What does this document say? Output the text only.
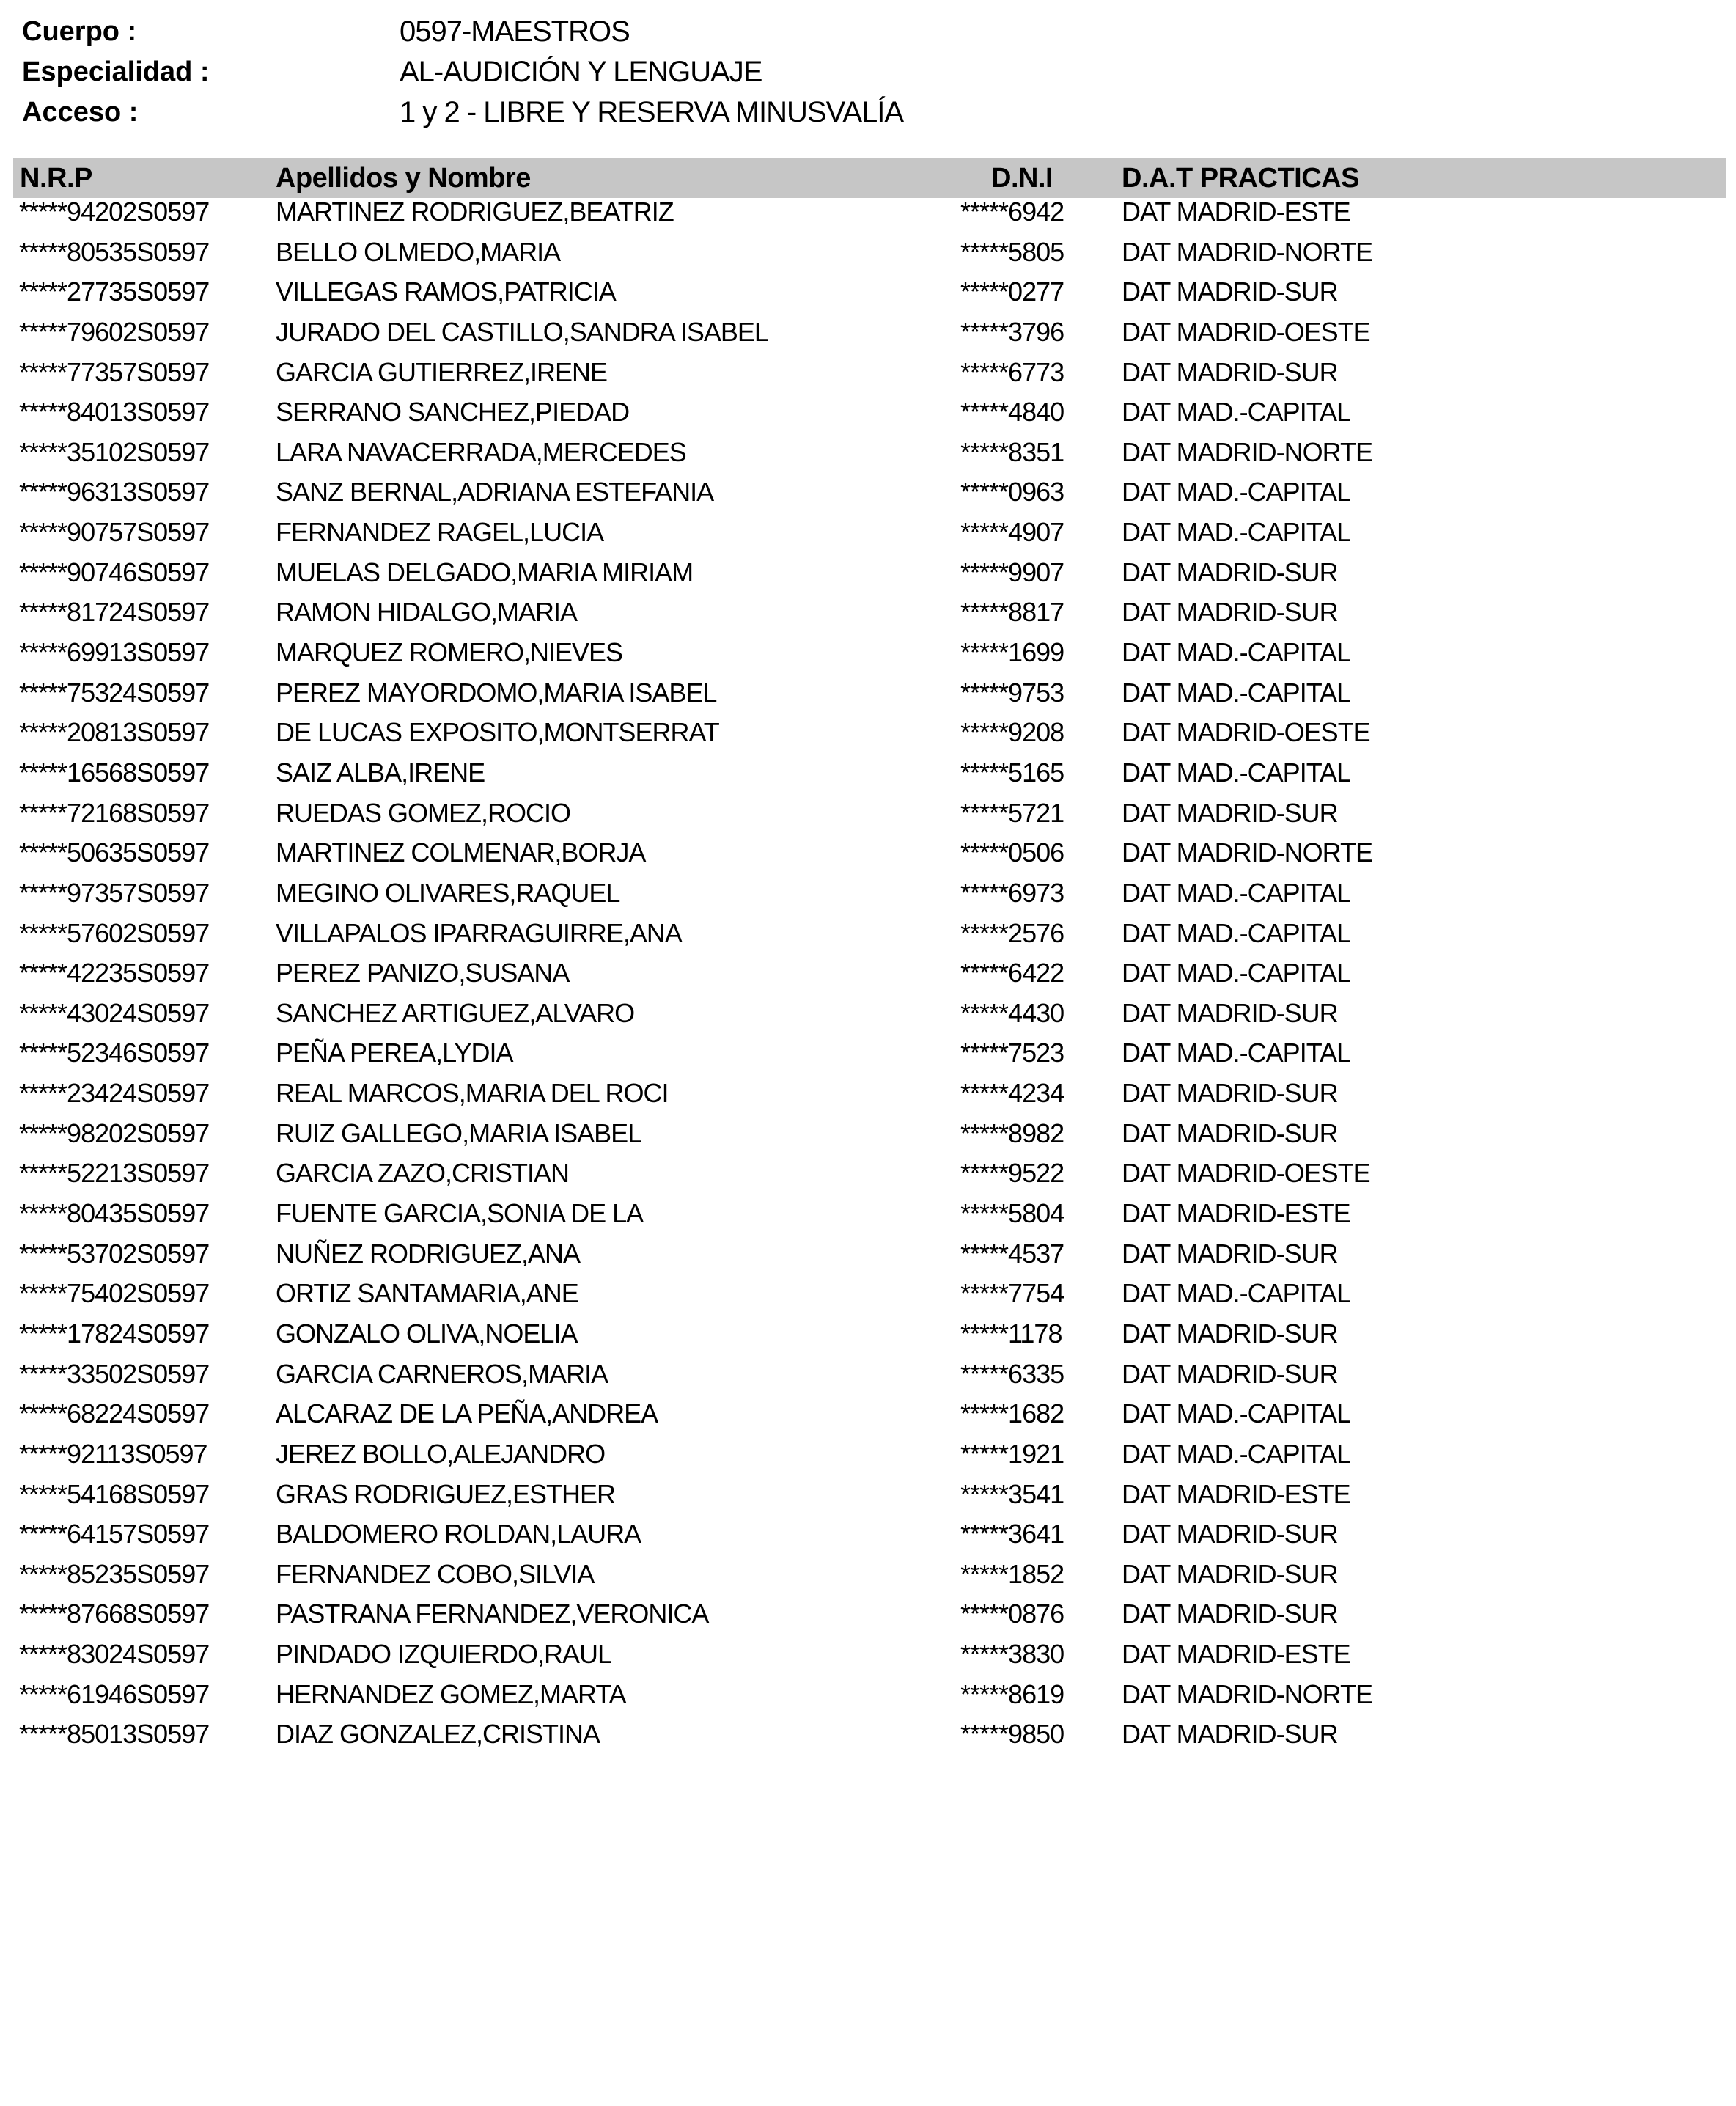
Cuerpo :	0597-MAESTROS
Especialidad :	AL-AUDICIÓN Y LENGUAJE
Acceso :	1 y 2 - LIBRE Y RESERVA MINUSVALÍA
N.R.P	Apellidos y Nombre	D.N.I D.A.T PRACTICAS
*****94202S0597	MARTINEZ RODRIGUEZ,BEATRIZ	*****6942 DAT MADRID-ESTE
*****80535S0597	BELLO OLMEDO,MARIA	*****5805 DAT MADRID-NORTE
*****27735S0597	VILLEGAS RAMOS,PATRICIA	*****0277 DAT MADRID-SUR
*****79602S0597	JURADO DEL CASTILLO,SANDRA ISABEL	*****3796 DAT MADRID-OESTE
*****77357S0597	GARCIA GUTIERREZ,IRENE	*****6773 DAT MADRID-SUR
*****84013S0597	SERRANO SANCHEZ,PIEDAD	*****4840 DAT MAD.-CAPITAL
*****35102S0597	LARA NAVACERRADA,MERCEDES	*****8351 DAT MADRID-NORTE
*****96313S0597	SANZ BERNAL,ADRIANA ESTEFANIA	*****0963 DAT MAD.-CAPITAL
*****90757S0597	FERNANDEZ RAGEL,LUCIA	*****4907 DAT MAD.-CAPITAL
*****90746S0597	MUELAS DELGADO,MARIA MIRIAM	*****9907 DAT MADRID-SUR
*****81724S0597	RAMON HIDALGO,MARIA	*****8817 DAT MADRID-SUR
*****69913S0597	MARQUEZ ROMERO,NIEVES	*****1699 DAT MAD.-CAPITAL
*****75324S0597	PEREZ MAYORDOMO,MARIA ISABEL	*****9753 DAT MAD.-CAPITAL
*****20813S0597	DE LUCAS EXPOSITO,MONTSERRAT	*****9208 DAT MADRID-OESTE
*****16568S0597	SAIZ ALBA,IRENE	*****5165 DAT MAD.-CAPITAL
*****72168S0597	RUEDAS GOMEZ,ROCIO	*****5721 DAT MADRID-SUR
*****50635S0597	MARTINEZ COLMENAR,BORJA	*****0506 DAT MADRID-NORTE
*****97357S0597	MEGINO OLIVARES,RAQUEL	*****6973 DAT MAD.-CAPITAL
*****57602S0597	VILLAPALOS IPARRAGUIRRE,ANA	*****2576 DAT MAD.-CAPITAL
*****42235S0597	PEREZ PANIZO,SUSANA	*****6422 DAT MAD.-CAPITAL
*****43024S0597	SANCHEZ ARTIGUEZ,ALVARO	*****4430 DAT MADRID-SUR
*****52346S0597	PEÑA PEREA,LYDIA	*****7523 DAT MAD.-CAPITAL
*****23424S0597	REAL MARCOS,MARIA DEL ROCI	*****4234 DAT MADRID-SUR
*****98202S0597	RUIZ GALLEGO,MARIA ISABEL	*****8982 DAT MADRID-SUR
*****52213S0597	GARCIA ZAZO,CRISTIAN	*****9522 DAT MADRID-OESTE
*****80435S0597	FUENTE GARCIA,SONIA DE LA	*****5804 DAT MADRID-ESTE
*****53702S0597	NUÑEZ RODRIGUEZ,ANA	*****4537 DAT MADRID-SUR
*****75402S0597	ORTIZ SANTAMARIA,ANE	*****7754 DAT MAD.-CAPITAL
*****17824S0597	GONZALO OLIVA,NOELIA	*****1178 DAT MADRID-SUR
*****33502S0597	GARCIA CARNEROS,MARIA	*****6335 DAT MADRID-SUR
*****68224S0597	ALCARAZ DE LA PEÑA,ANDREA	*****1682 DAT MAD.-CAPITAL
*****92113S0597	JEREZ BOLLO,ALEJANDRO	*****1921 DAT MAD.-CAPITAL
*****54168S0597	GRAS RODRIGUEZ,ESTHER	*****3541 DAT MADRID-ESTE
*****64157S0597	BALDOMERO ROLDAN,LAURA	*****3641 DAT MADRID-SUR
*****85235S0597	FERNANDEZ COBO,SILVIA	*****1852 DAT MADRID-SUR
*****87668S0597	PASTRANA FERNANDEZ,VERONICA	*****0876 DAT MADRID-SUR
*****83024S0597	PINDADO IZQUIERDO,RAUL	*****3830 DAT MADRID-ESTE
*****61946S0597	HERNANDEZ GOMEZ,MARTA	*****8619 DAT MADRID-NORTE
*****85013S0597	DIAZ GONZALEZ,CRISTINA	*****9850 DAT MADRID-SUR
